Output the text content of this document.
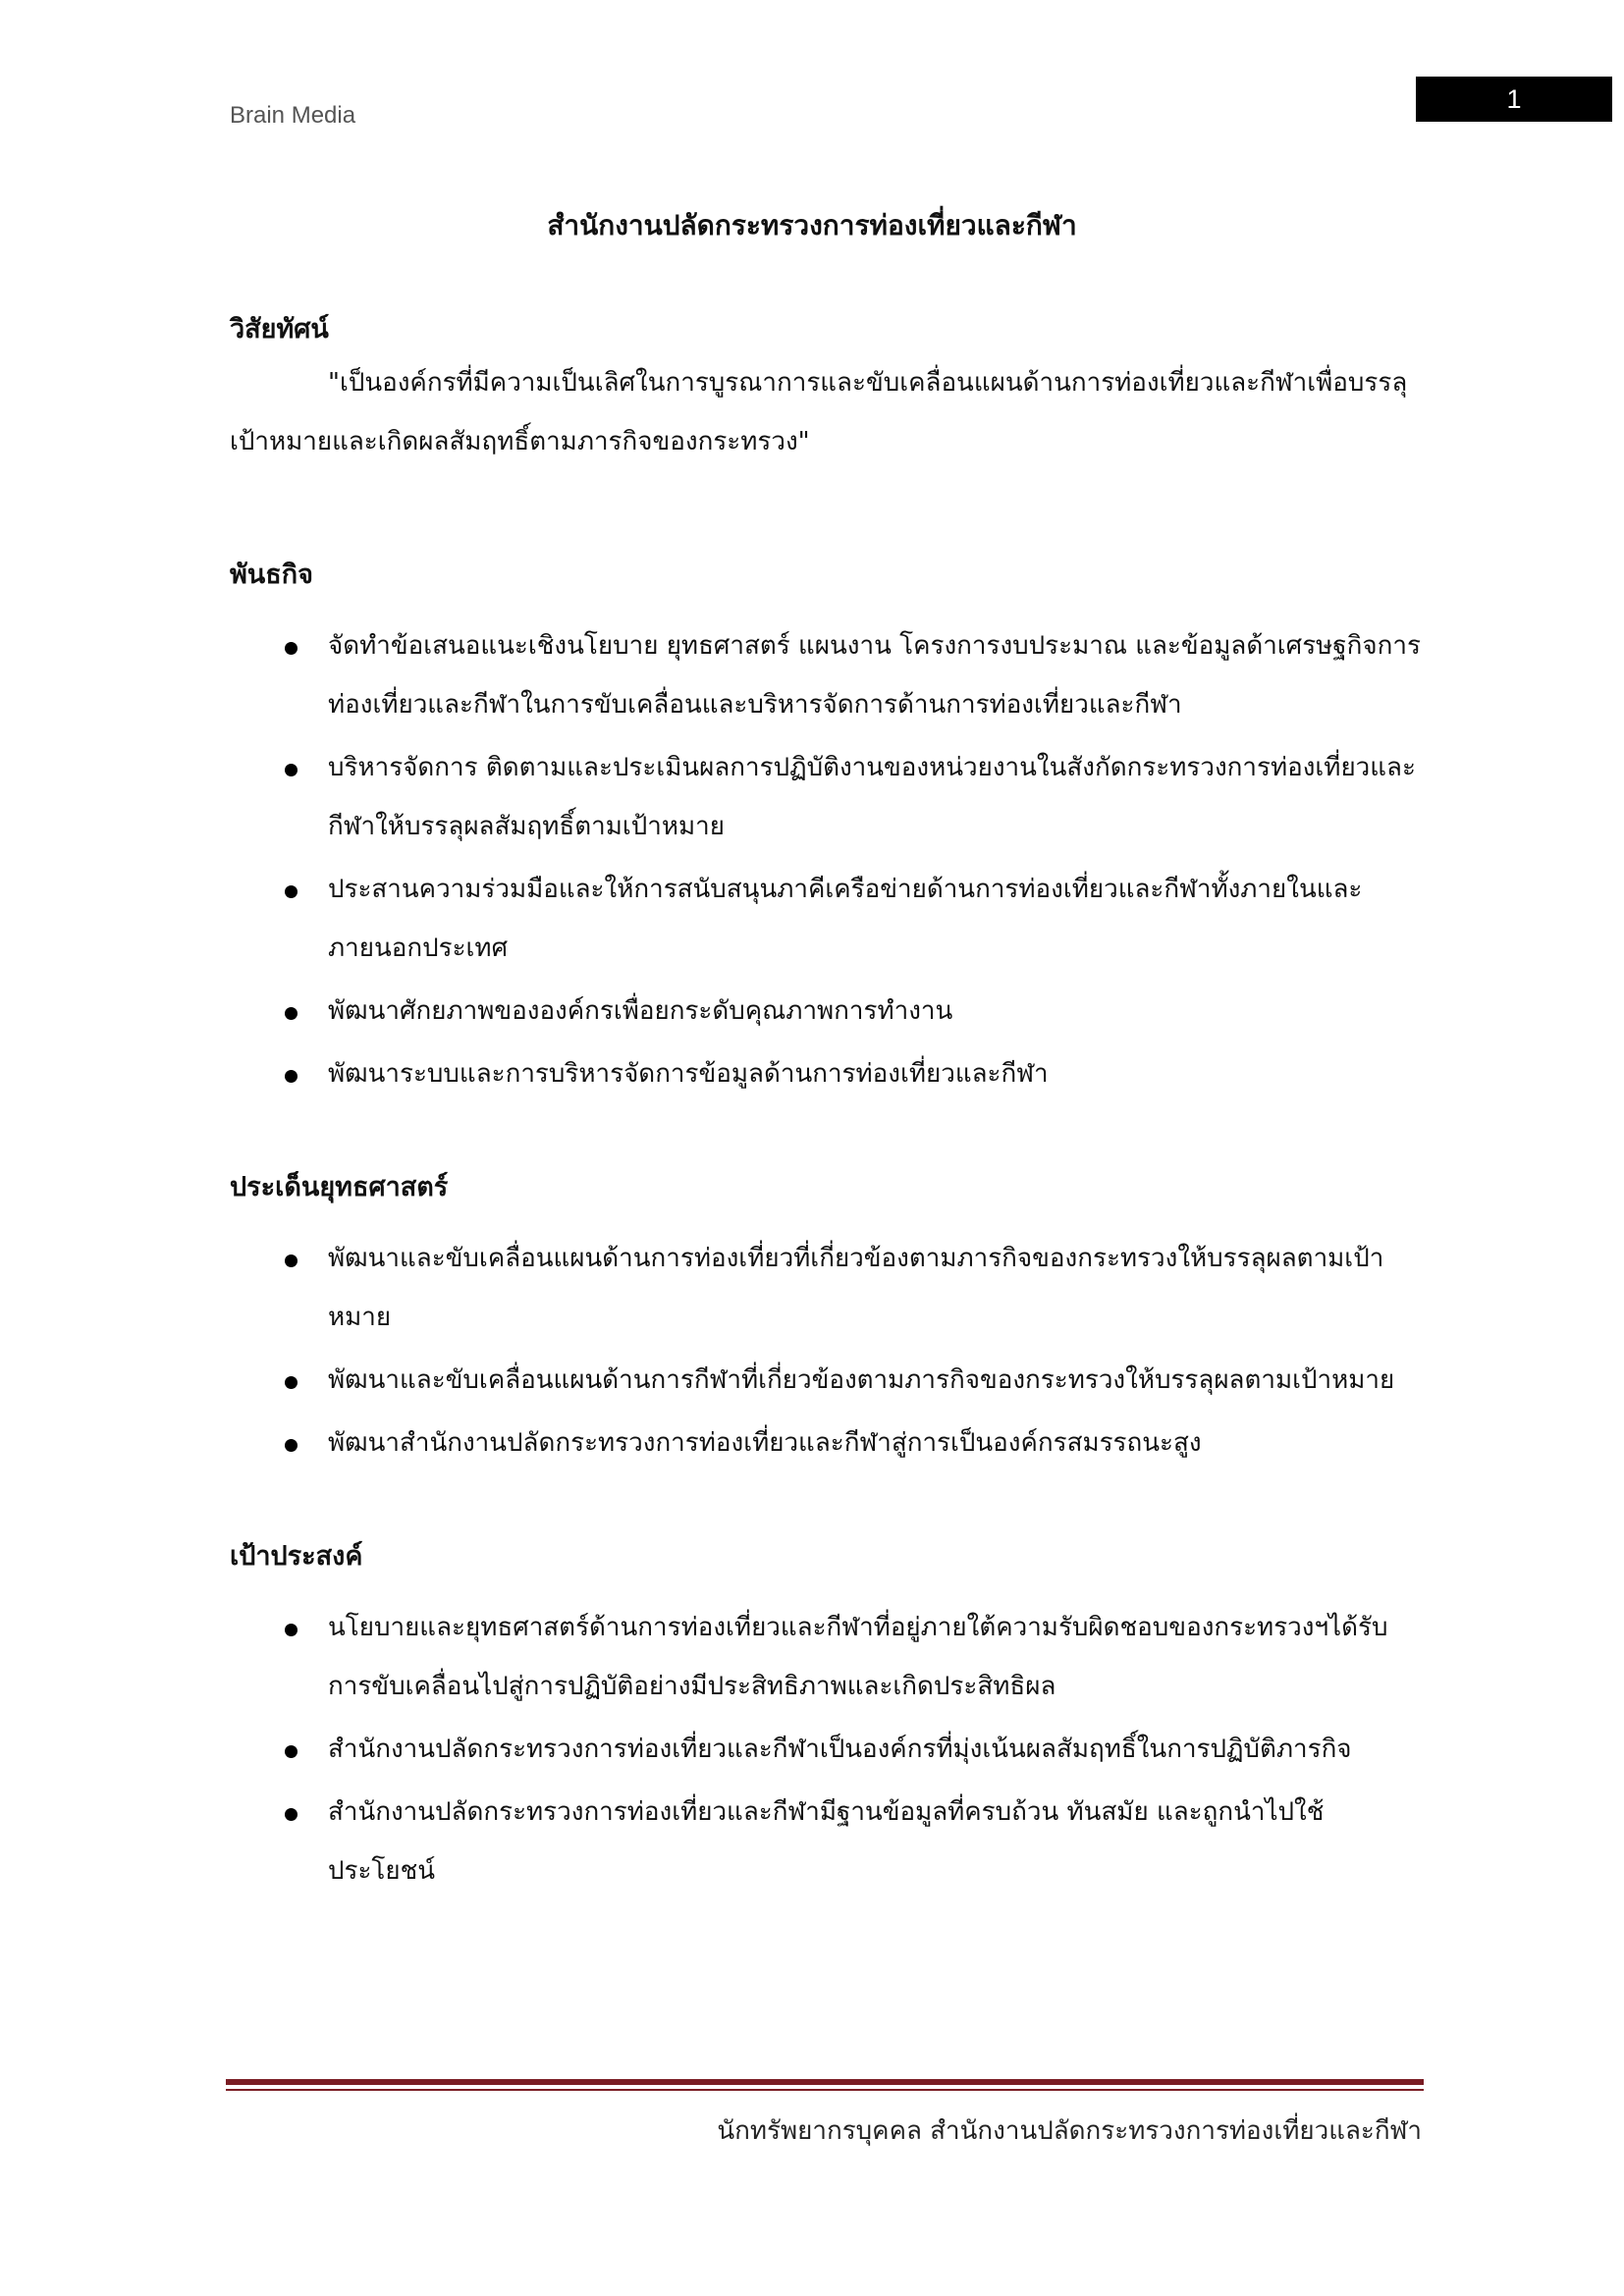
Brain Media
1
สำนักงานปลัดกระทรวงการท่องเที่ยวและกีฬา

วิสัยทัศน์

"เป็นองค์กรที่มีความเป็นเลิศในการบูรณาการและขับเคลื่อนแผนด้านการท่องเที่ยวและกีฬาเพื่อบรรลุเป้าหมายและเกิดผลสัมฤทธิ์ตามภารกิจของกระทรวง"

พันธกิจ

จัดทำข้อเสนอแนะเชิงนโยบาย ยุทธศาสตร์ แผนงาน โครงการงบประมาณ และข้อมูลด้าเศรษฐกิจการท่องเที่ยวและกีฬาในการขับเคลื่อนและบริหารจัดการด้านการท่องเที่ยวและกีฬา
บริหารจัดการ ติดตามและประเมินผลการปฏิบัติงานของหน่วยงานในสังกัดกระทรวงการท่องเที่ยวและกีฬาให้บรรลุผลสัมฤทธิ์ตามเป้าหมาย
ประสานความร่วมมือและให้การสนับสนุนภาคีเครือข่ายด้านการท่องเที่ยวและกีฬาทั้งภายในและภายนอกประเทศ
พัฒนาศักยภาพขององค์กรเพื่อยกระดับคุณภาพการทำงาน
พัฒนาระบบและการบริหารจัดการข้อมูลด้านการท่องเที่ยวและกีฬา

ประเด็นยุทธศาสตร์

พัฒนาและขับเคลื่อนแผนด้านการท่องเที่ยวที่เกี่ยวข้องตามภารกิจของกระทรวงให้บรรลุผลตามเป้าหมาย
พัฒนาและขับเคลื่อนแผนด้านการกีฬาที่เกี่ยวข้องตามภารกิจของกระทรวงให้บรรลุผลตามเป้าหมาย
พัฒนาสำนักงานปลัดกระทรวงการท่องเที่ยวและกีฬาสู่การเป็นองค์กรสมรรถนะสูง

เป้าประสงค์

นโยบายและยุทธศาสตร์ด้านการท่องเที่ยวและกีฬาที่อยู่ภายใต้ความรับผิดชอบของกระทรวงฯได้รับการขับเคลื่อนไปสู่การปฏิบัติอย่างมีประสิทธิภาพและเกิดประสิทธิผล
สำนักงานปลัดกระทรวงการท่องเที่ยวและกีฬาเป็นองค์กรที่มุ่งเน้นผลสัมฤทธิ์ในการปฏิบัติภารกิจ
สำนักงานปลัดกระทรวงการท่องเที่ยวและกีฬามีฐานข้อมูลที่ครบถ้วน ทันสมัย และถูกนำไปใช้ประโยชน์
นักทรัพยากรบุคคล สำนักงานปลัดกระทรวงการท่องเที่ยวและกีฬา
